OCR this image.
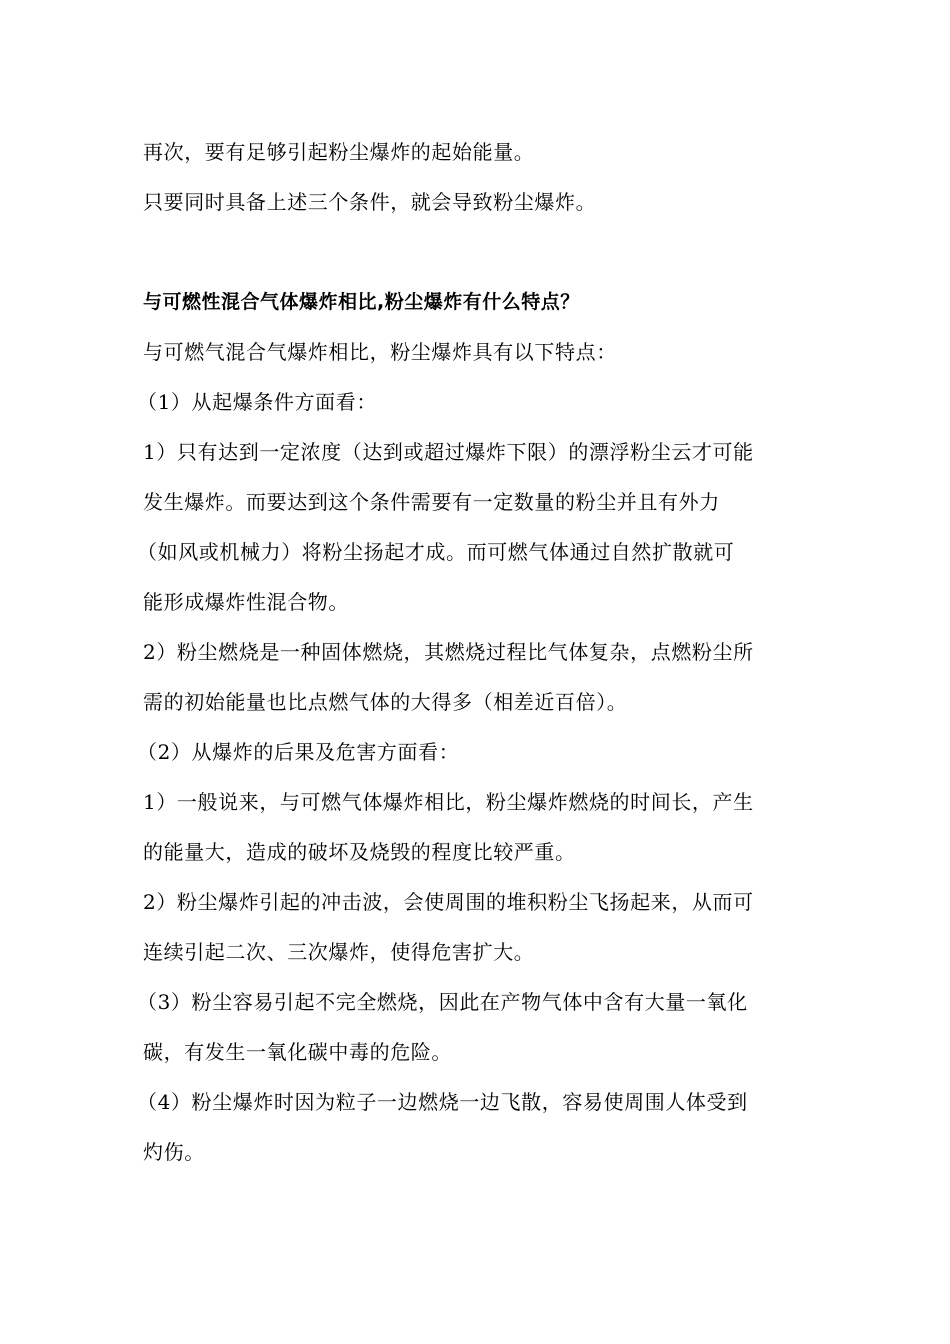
再次，要有足够引起粉尘爆炸的起始能量。
只要同时具备上述三个条件，就会导致粉尘爆炸。
与可燃性混合气体爆炸相比,粉尘爆炸有什么特点？
与可燃气混合气爆炸相比，粉尘爆炸具有以下特点：
（1）从起爆条件方面看：
1）只有达到一定浓度（达到或超过爆炸下限）的漂浮粉尘云才可能
发生爆炸。而要达到这个条件需要有一定数量的粉尘并且有外力
（如风或机械力）将粉尘扬起才成。而可燃气体通过自然扩散就可
能形成爆炸性混合物。
2）粉尘燃烧是一种固体燃烧，其燃烧过程比气体复杂，点燃粉尘所
需的初始能量也比点燃气体的大得多（相差近百倍）。
（2）从爆炸的后果及危害方面看：
1）一般说来，与可燃气体爆炸相比，粉尘爆炸燃烧的时间长，产生
的能量大，造成的破坏及烧毁的程度比较严重。
2）粉尘爆炸引起的冲击波，会使周围的堆积粉尘飞扬起来，从而可
连续引起二次、三次爆炸，使得危害扩大。
（3）粉尘容易引起不完全燃烧，因此在产物气体中含有大量一氧化
碳，有发生一氧化碳中毒的危险。
（4）粉尘爆炸时因为粒子一边燃烧一边飞散，容易使周围人体受到
灼伤。
